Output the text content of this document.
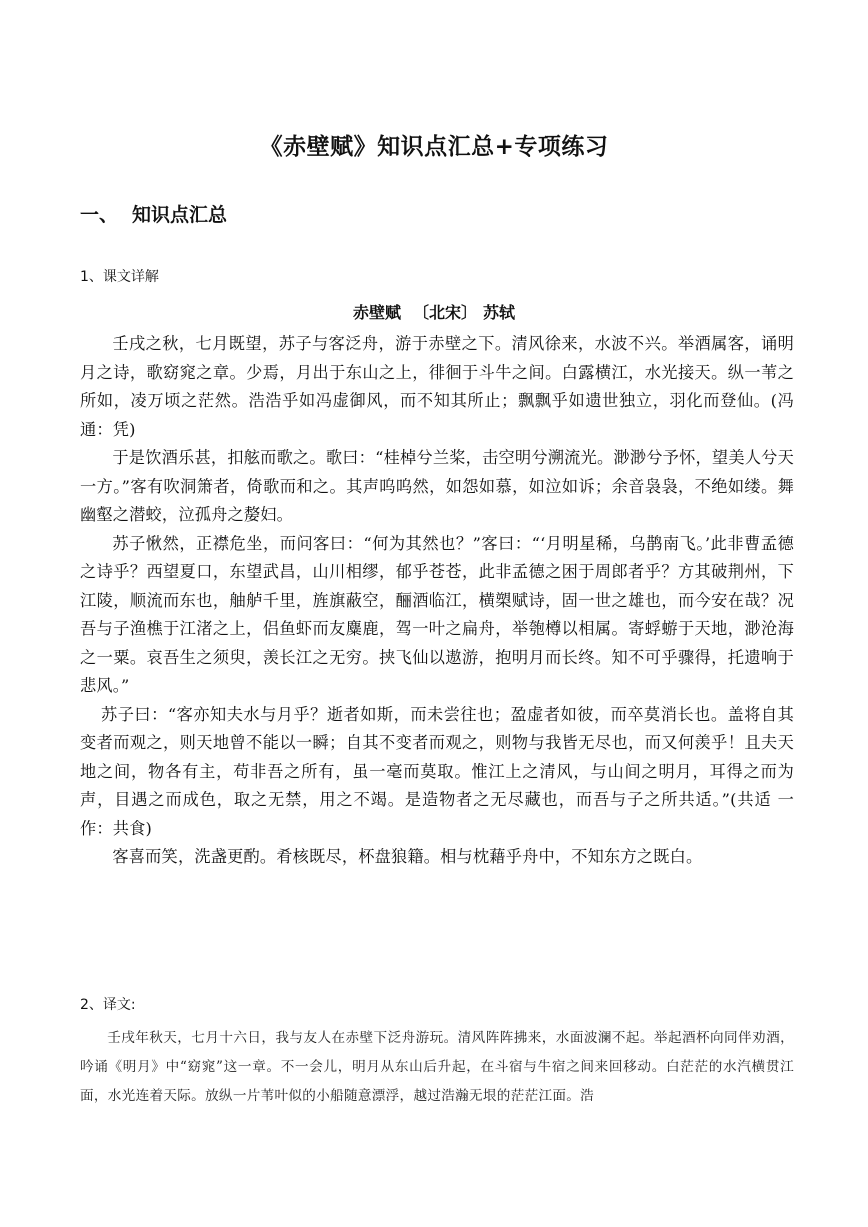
《赤壁赋》知识点汇总+专项练习
一、 知识点汇总
1、课文详解
赤壁赋 〔北宋〕 苏轼

壬戌之秋，七月既望，苏子与客泛舟，游于赤壁之下。清风徐来，水波不兴。举酒属客，诵明月之诗，歌窈窕之章。少焉，月出于东山之上，徘徊于斗牛之间。白露横江，水光接天。纵一苇之所如，凌万顷之茫然。浩浩乎如冯虚御风，而不知其所止；飘飘乎如遗世独立，羽化而登仙。(冯 通：凭)

于是饮酒乐甚，扣舷而歌之。歌曰：“桂棹兮兰桨，击空明兮溯流光。渺渺兮予怀，望美人兮天一方。”客有吹洞箫者，倚歌而和之。其声呜呜然，如怨如慕，如泣如诉；余音袅袅，不绝如缕。舞幽壑之潜蛟，泣孤舟之嫠妇。

苏子愀然，正襟危坐，而问客曰：“何为其然也？”客曰：“‘月明星稀，乌鹊南飞。’此非曹孟德之诗乎？西望夏口，东望武昌，山川相缪，郁乎苍苍，此非孟德之困于周郎者乎？方其破荆州，下江陵，顺流而东也，舳舻千里，旌旗蔽空，酾酒临江，横槊赋诗，固一世之雄也，而今安在哉？况吾与子渔樵于江渚之上，侣鱼虾而友麋鹿，驾一叶之扁舟，举匏樽以相属。寄蜉蝣于天地，渺沧海之一粟。哀吾生之须臾，羡长江之无穷。挟飞仙以遨游，抱明月而长终。知不可乎骤得，托遗响于悲风。”

苏子曰：“客亦知夫水与月乎？逝者如斯，而未尝往也；盈虚者如彼，而卒莫消长也。盖将自其变者而观之，则天地曾不能以一瞬；自其不变者而观之，则物与我皆无尽也，而又何羡乎！且夫天地之间，物各有主，苟非吾之所有，虽一毫而莫取。惟江上之清风，与山间之明月，耳得之而为声，目遇之而成色，取之无禁，用之不竭。是造物者之无尽藏也，而吾与子之所共适。”(共适 一作：共食)

客喜而笑，洗盏更酌。肴核既尽，杯盘狼籍。相与枕藉乎舟中，不知东方之既白。

2、译文:

壬戌年秋天，七月十六日，我与友人在赤壁下泛舟游玩。清风阵阵拂来，水面波澜不起。举起酒杯向同伴劝酒，吟诵《明月》中“窈窕”这一章。不一会儿，明月从东山后升起，在斗宿与牛宿之间来回移动。白茫茫的水汽横贯江面，水光连着天际。放纵一片苇叶似的小船随意漂浮，越过浩瀚无垠的茫茫江面。浩
